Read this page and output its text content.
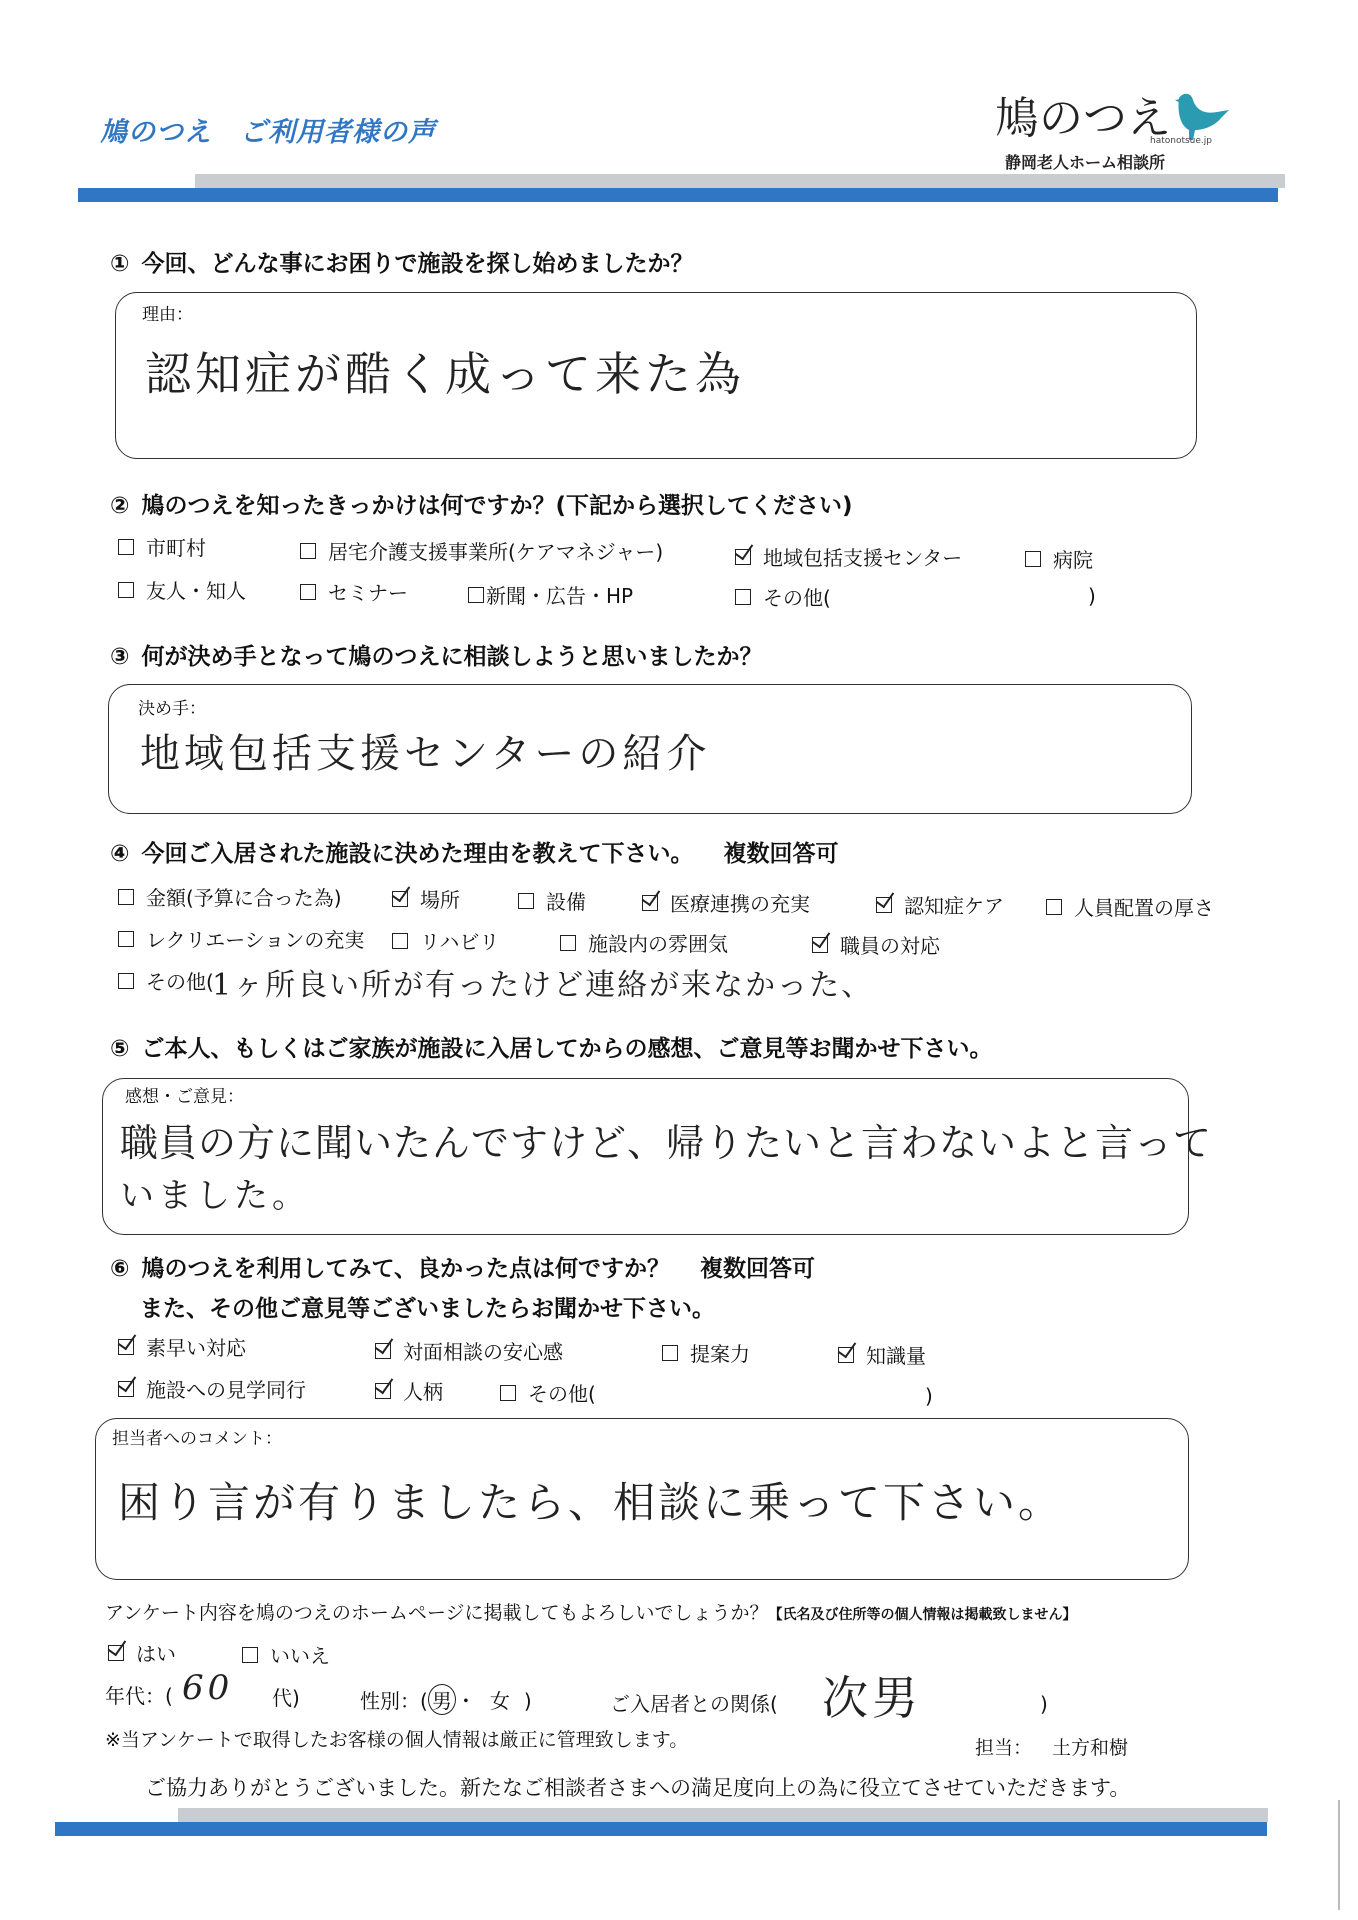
鳩のつえ　ご利用者様の声	鳩のつえ
hatonotsue.jp
静岡老人ホーム相談所
① 今回、どんな事にお困りで施設を探し始めましたか？
理由：
認知症が酷く成って来た為
② 鳩のつえを知ったきっかけは何ですか？(下記から選択してください)
市町村	居宅介護支援事業所(ケアマネジャー)	地域包括支援センター	病院
友人・知人	セミナー	新聞・広告・HP	その他(	)
③ 何が決め手となって鳩のつえに相談しようと思いましたか？
決め手：
地域包括支援センターの紹介
④ 今回ご入居された施設に決めた理由を教えて下さい。 複数回答可
金額(予算に合った為)	場所	設備	医療連携の充実	認知症ケア	人員配置の厚さ
レクリエーションの充実	リハビリ	施設内の雰囲気	職員の対応
その他(
1ヶ所良い所が有ったけど連絡が来なかった、
⑤ ご本人、もしくはご家族が施設に入居してからの感想、ご意見等お聞かせ下さい。
感想・ご意見：
職員の方に聞いたんですけど、帰りたいと言わないよと言って
いました。
⑥ 鳩のつえを利用してみて、良かった点は何ですか？ 複数回答可
また、その他ご意見等ございましたらお聞かせ下さい。
素早い対応	対面相談の安心感	提案力	知識量
施設への見学同行	人柄	その他(	)
担当者へのコメント：
困り言が有りましたら、相談に乗って下さい。
アンケート内容を鳩のつえのホームページに掲載してもよろしいでしょうか？【氏名及び住所等の個人情報は掲載致しません】
はい	いいえ
年代：( 60 代)	性別：( 男 ・ 女 )	ご入居者との関係( 次男	)
※当アンケートで取得したお客様の個人情報は厳正に管理致します。	担当： 土方和樹
ご協力ありがとうございました。新たなご相談者さまへの満足度向上の為に役立てさせていただきます。
